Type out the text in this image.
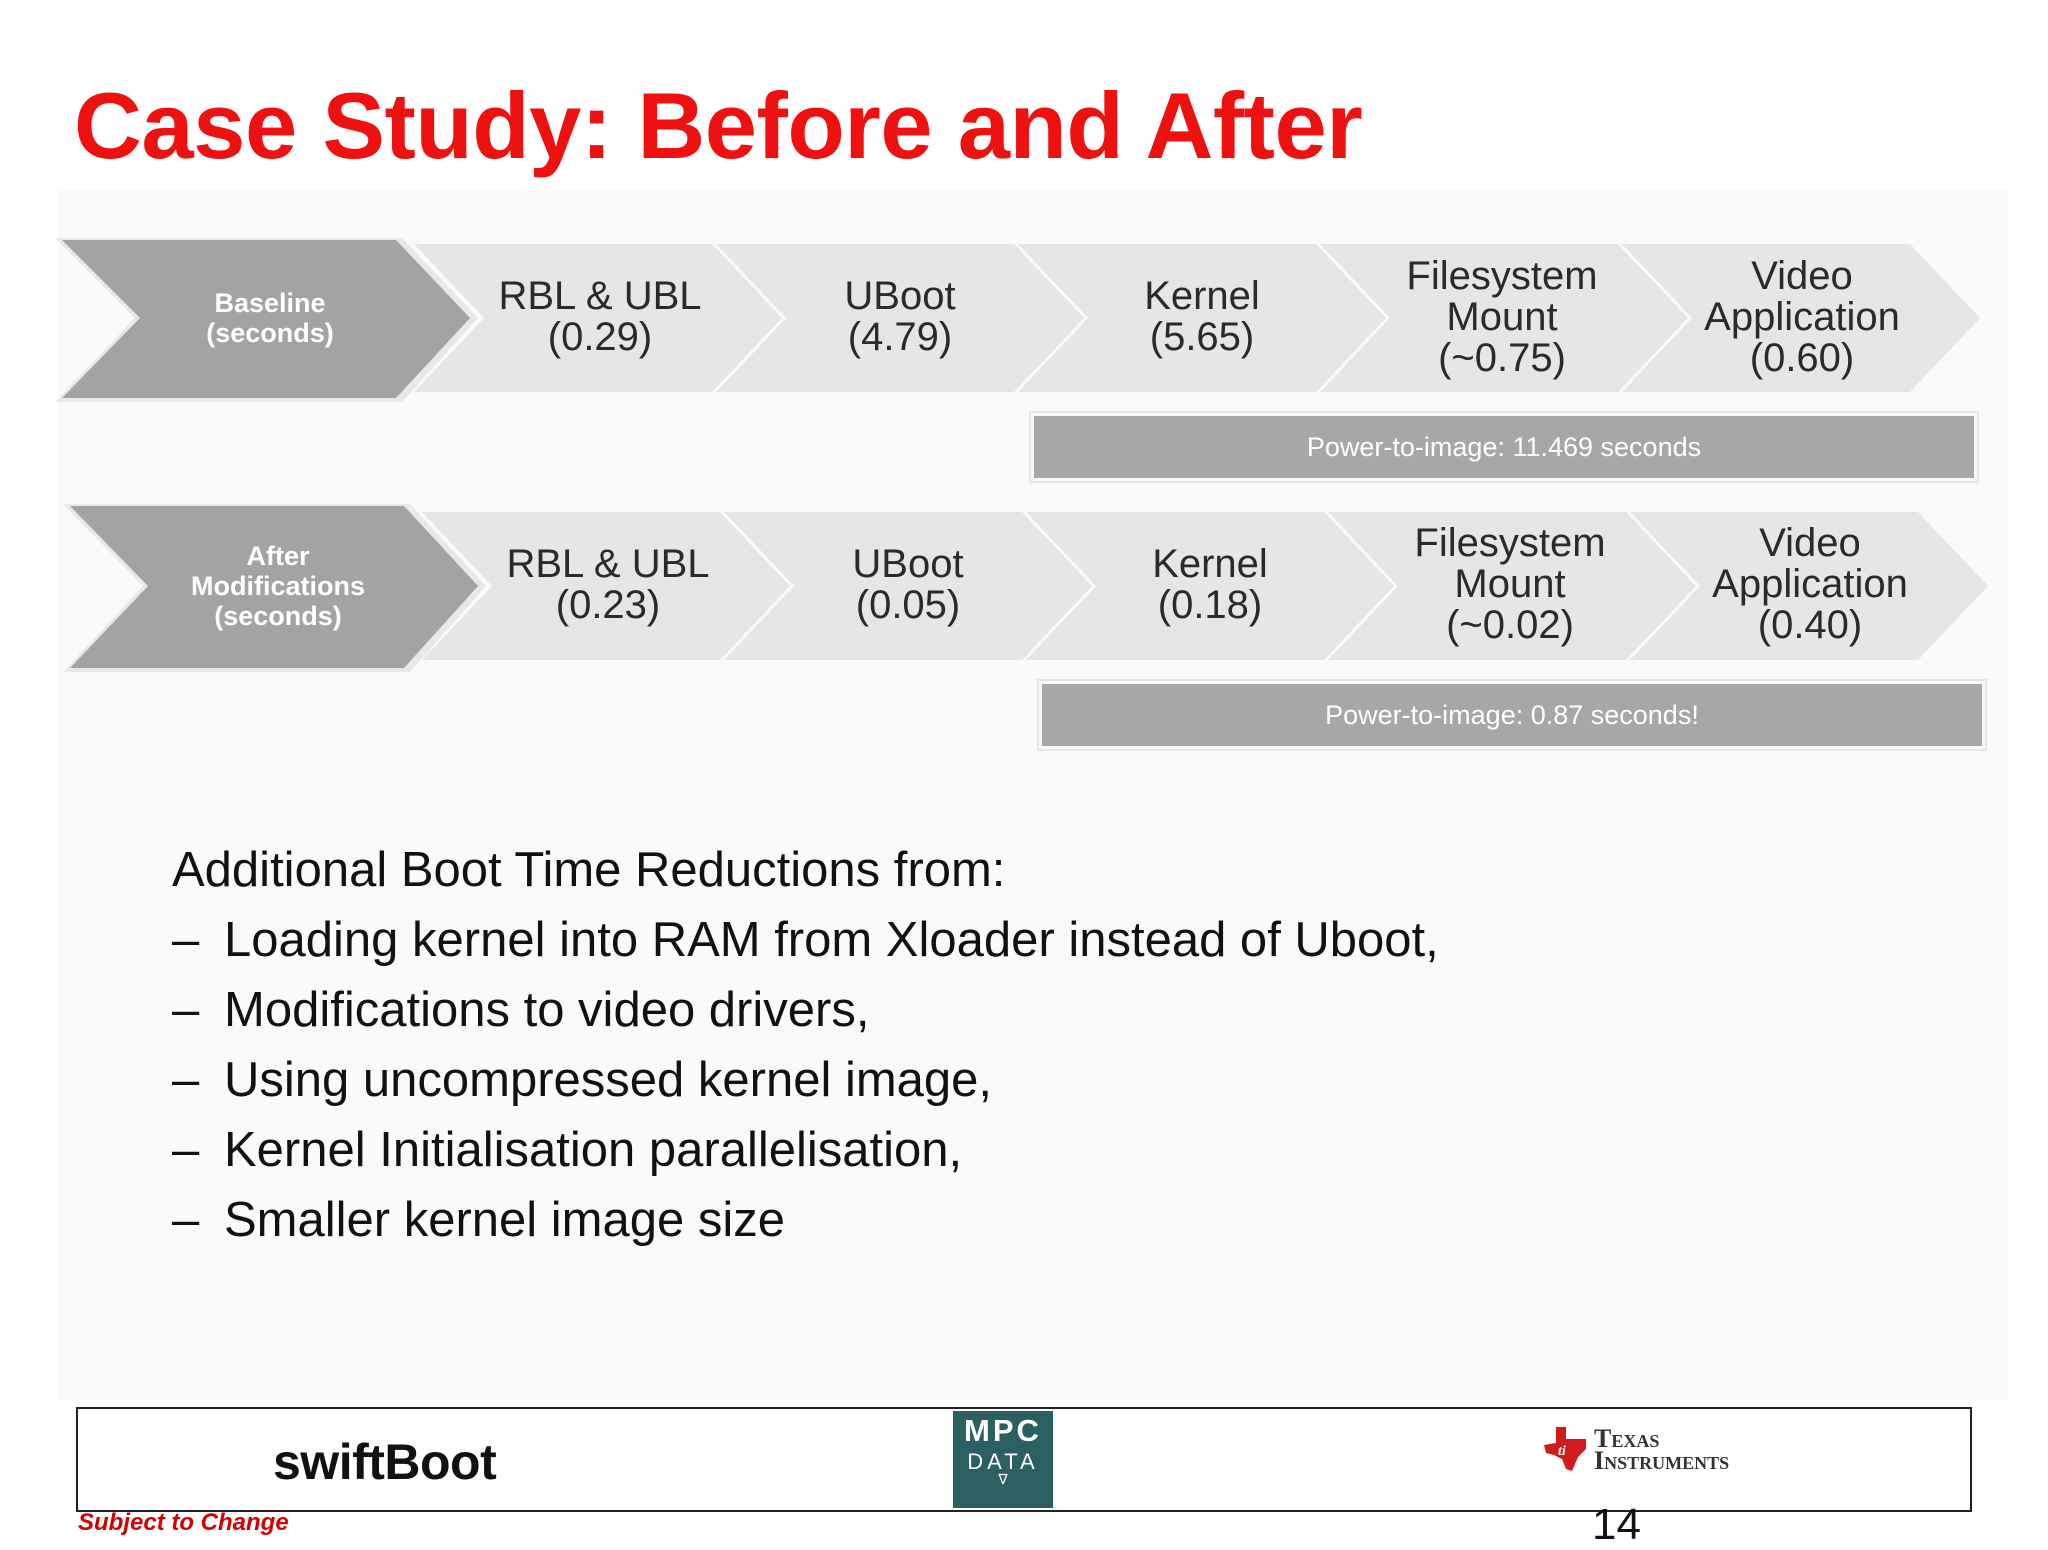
Case Study: Before and After
Baseline
(seconds)
RBL & UBL
(0.29)
UBoot
(4.79)
Kernel
(5.65)
Filesystem
Mount
(~0.75)
Video
Application
(0.60)
Power-to-image: 11.469 seconds
After
Modifications
(seconds)
RBL & UBL
(0.23)
UBoot
(0.05)
Kernel
(0.18)
Filesystem
Mount
(~0.02)
Video
Application
(0.40)
Power-to-image: 0.87 seconds!
Additional Boot Time Reductions from:
– Loading kernel into RAM from Xloader instead of Uboot,
– Modifications to video drivers,
– Using uncompressed kernel image,
– Kernel Initialisation parallelisation,
– Smaller kernel image size
swiftBoot
MPC
DATA
∇
ti Texas
Instruments
Subject to Change	14
